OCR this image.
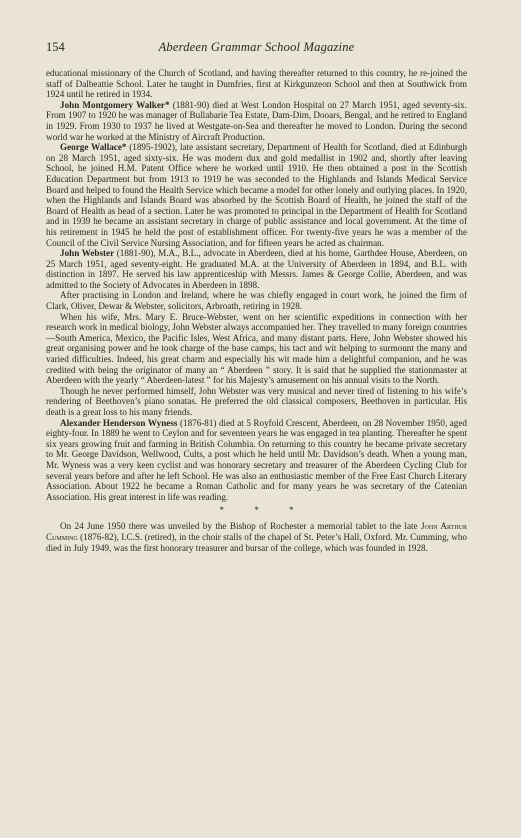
154	Aberdeen Grammar School Magazine

educational missionary of the Church of Scotland, and having thereafter returned to this country, he re-joined the staff of Dalbeattie School. Later he taught in Dumfries, first at Kirkgunzeon School and then at Southwick from 1924 until he retired in 1934.

John Montgomery Walker* (1881-90) died at West London Hospital on 27 March 1951, aged seventy-six. From 1907 to 1920 he was manager of Bullabarie Tea Estate, Dam-Dim, Dooars, Bengal, and he retired to England in 1929. From 1930 to 1937 he lived at Westgate-on-Sea and thereafter he moved to London. During the second world war he worked at the Ministry of Aircraft Production.

George Wallace* (1895-1902), late assistant secretary, Department of Health for Scotland, died at Edinburgh on 28 March 1951, aged sixty-six. He was modern dux and gold medallist in 1902 and, shortly after leaving School, he joined H.M. Patent Office where he worked until 1910. He then obtained a post in the Scottish Education Department but from 1913 to 1919 he was seconded to the Highlands and Islands Medical Service Board and helped to found the Health Service which became a model for other lonely and outlying places. In 1920, when the Highlands and Islands Board was absorbed by the Scottish Board of Health, he joined the staff of the Board of Health as head of a section. Later he was promoted to principal in the Department of Health for Scotland and in 1939 he became an assistant secretary in charge of public assistance and local government. At the time of his retirement in 1945 he held the post of establishment officer. For twenty-five years he was a member of the Council of the Civil Service Nursing Association, and for fifteen years he acted as chairman.

John Webster (1881-90), M.A., B.L., advocate in Aberdeen, died at his home, Garthdee House, Aberdeen, on 25 March 1951, aged seventy-eight. He graduated M.A. at the University of Aberdeen in 1894, and B.L. with distinction in 1897. He served his law apprenticeship with Messrs. James & George Collie, Aberdeen, and was admitted to the Society of Advocates in Aberdeen in 1898.

After practising in London and Ireland, where he was chiefly engaged in court work, he joined the firm of Clark, Oliver, Dewar & Webster, solicitors, Arbroath, retiring in 1928.

When his wife, Mrs. Mary E. Bruce-Webster, went on her scientific expeditions in connection with her research work in medical biology, John Webster always accompanied her. They travelled to many foreign countries—South America, Mexico, the Pacific Isles, West Africa, and many distant parts. Here, John Webster showed his great organising power and he took charge of the base camps, his tact and wit helping to surmount the many and varied difficulties. Indeed, his great charm and especially his wit made him a delightful companion, and he was credited with being the originator of many an “ Aberdeen ” story. It is said that he supplied the stationmaster at Aberdeen with the yearly “ Aberdeen-latest ” for his Majesty’s amusement on his annual visits to the North.

Though he never performed himself, John Webster was very musical and never tired of listening to his wife’s rendering of Beethoven’s piano sonatas. He preferred the old classical composers, Beethoven in particular. His death is a great loss to his many friends.

Alexander Henderson Wyness (1876-81) died at 5 Royfold Crescent, Aberdeen, on 28 November 1950, aged eighty-four. In 1889 he went to Ceylon and for seventeen years he was engaged in tea planting. Thereafter he spent six years growing fruit and farming in British Columbia. On returning to this country he became private secretary to Mr. George Davidson, Wellwood, Cults, a post which he held until Mr. Davidson’s death. When a young man, Mr. Wyness was a very keen cyclist and was honorary secretary and treasurer of the Aberdeen Cycling Club for several years before and after he left School. He was also an enthusiastic member of the Free East Church Literary Association. About 1922 he became a Roman Catholic and for many years he was secretary of the Catenian Association. His great interest in life was reading.

* * *

On 24 June 1950 there was unveiled by the Bishop of Rochester a memorial tablet to the late John Arthur Cumming (1876-82), I.C.S. (retired), in the choir stalls of the chapel of St. Peter’s Hall, Oxford. Mr. Cumming, who died in July 1949, was the first honorary treasurer and bursar of the college, which was founded in 1928.
